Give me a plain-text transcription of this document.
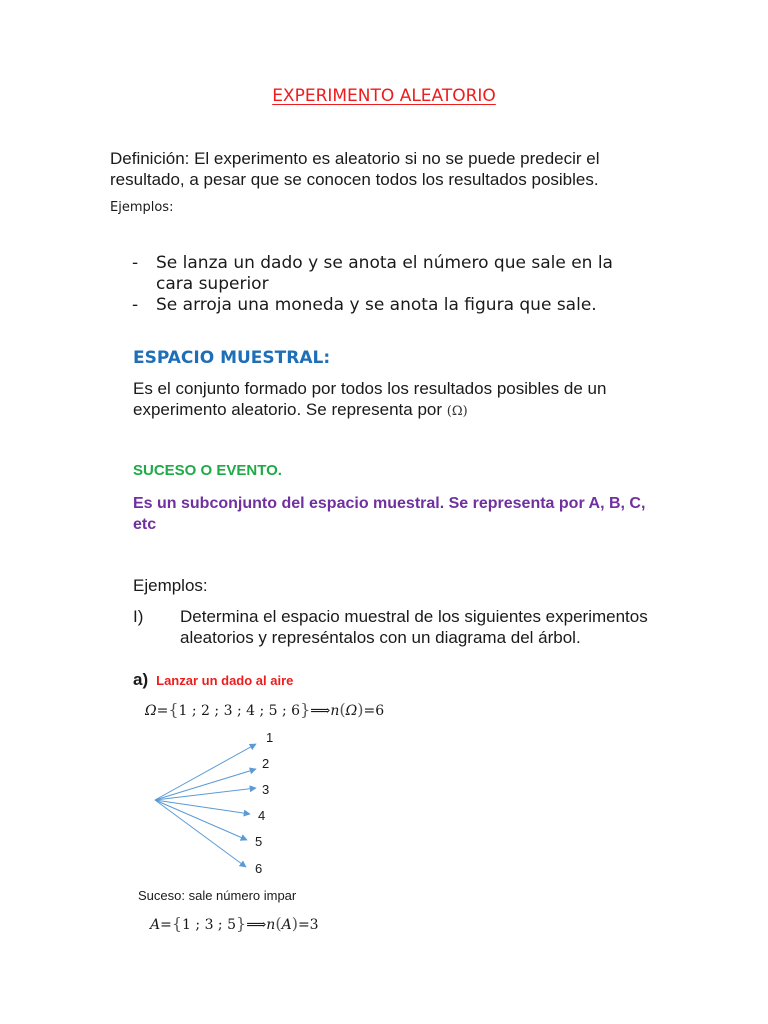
EXPERIMENTO ALEATORIO
Definición: El experimento es aleatorio si no se puede predecir el resultado, a pesar que se conocen todos los resultados posibles.
Ejemplos:
-	Se lanza un dado y se anota el número que sale en la cara superior
-	Se arroja una moneda y se anota la figura que sale.
ESPACIO MUESTRAL:
Es el conjunto formado por todos los resultados posibles de un experimento aleatorio. Se representa por (Ω)
SUCESO O EVENTO.
Es un subconjunto del espacio muestral. Se representa por A, B, C, etc
Ejemplos:
I) Determina el espacio muestral de los siguientes experimentos aleatorios y represéntalos con un diagrama del árbol.
a) Lanzar un dado al aire
Ω={1 ; 2 ; 3 ; 4 ; 5 ; 6}⟹n(Ω)=6
1
2
3
4
5
6
Suceso: sale número impar
A={1 ; 3 ; 5}⟹n(A)=3
